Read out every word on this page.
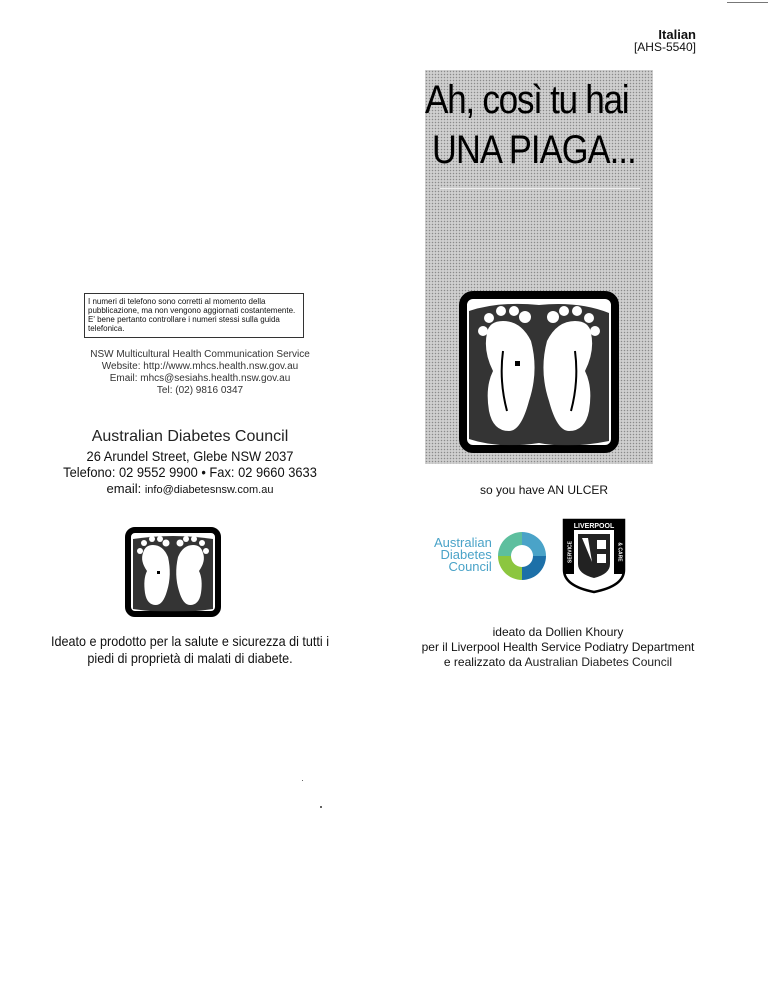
Italian
[AHS-5540]
Ah, così tu hai
UNA PIAGA...
so you have AN ULCER
I numeri di telefono sono corretti al momento della pubblicazione, ma non vengono aggiornati costantemente. E' bene pertanto controllare i numeri stessi sulla guida telefonica.
NSW Multicultural Health Communication Service
Website: http://www.mhcs.health.nsw.gov.au
Email: mhcs@sesiahs.health.nsw.gov.au
Tel: (02) 9816 0347
Australian Diabetes Council
26 Arundel Street, Glebe NSW 2037
Telefono: 02 9552 9900 • Fax: 02 9660 3633
email: info@diabetesnsw.com.au
Ideato e prodotto per la salute e sicurezza di tutti i
piedi di proprietà di malati di diabete.
Australian
Diabetes
Council
LIVERPOOL
SERVICE	& CARE
ideato da Dollien Khoury
per il Liverpool Health Service Podiatry Department
e realizzato da Australian Diabetes Council
